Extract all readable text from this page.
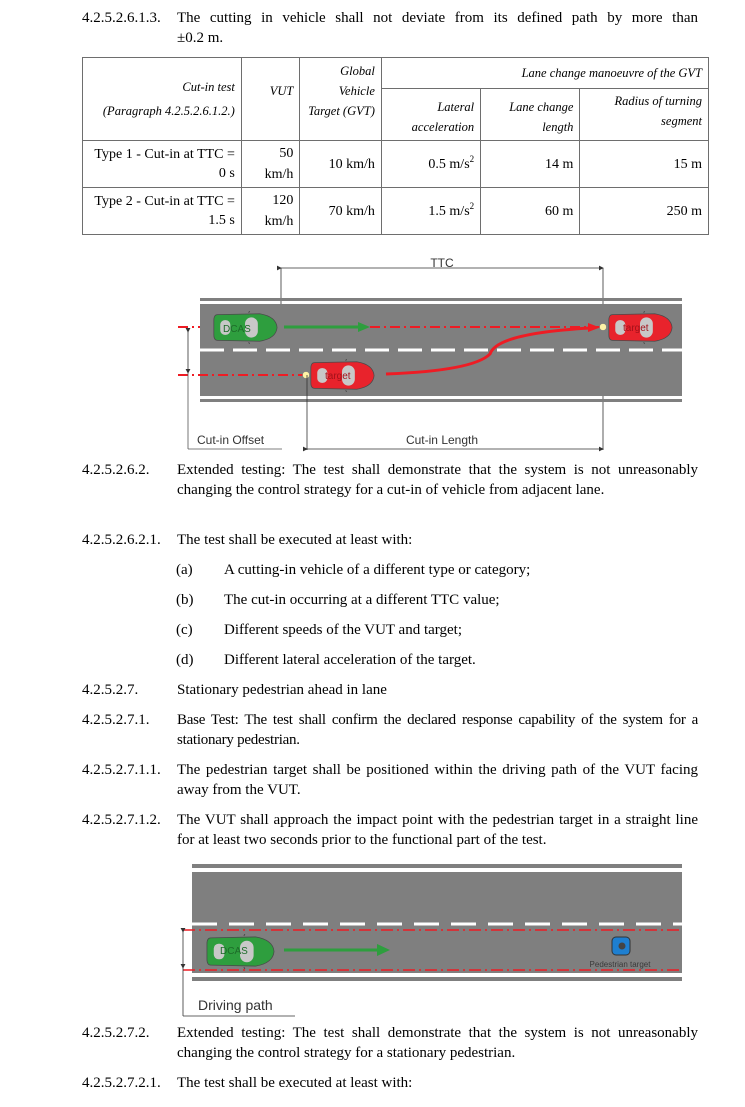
4.2.5.2.6.1.3. The cutting in vehicle shall not deviate from its defined path by more than
±0.2 m.
Cut-in test
(Paragraph 4.2.5.2.6.1.2.)	VUT	Global Vehicle Target (GVT)	Lane change manoeuvre of the GVT		
			Lateral acceleration	Lane change length	Radius of turning segment
Type 1 - Cut-in at TTC = 0 s	50 km/h	10 km/h	0.5 $m/s^2$	14 m	15 m
Type 2 - Cut-in at TTC = 1.5 s	120 km/h	70 km/h	1.5 $m/s^2$	60 m	250 m
TTC
DCAS
target
target
Cut-in Offset	Cut-in Length
4.2.5.2.6.2. Extended testing: The test shall demonstrate that the system is not unreasonably changing the control strategy for a cut-in of vehicle from adjacent lane.
4.2.5.2.6.2.1. The test shall be executed at least with:
(a) A cutting-in vehicle of a different type or category;
(b) The cut-in occurring at a different TTC value;
(c) Different speeds of the VUT and target;
(d) Different lateral acceleration of the target.
4.2.5.2.7.	Stationary pedestrian ahead in lane
4.2.5.2.7.1. Base Test: The test shall confirm the declared response capability of the system for a stationary pedestrian.
4.2.5.2.7.1.1. The pedestrian target shall be positioned within the driving path of the VUT facing away from the VUT.
4.2.5.2.7.1.2. The VUT shall approach the impact point with the pedestrian target in a straight line for at least two seconds prior to the functional part of the test.
DCAS
Pedestrian target
Driving path
4.2.5.2.7.2. Extended testing: The test shall demonstrate that the system is not unreasonably changing the control strategy for a stationary pedestrian.
4.2.5.2.7.2.1. The test shall be executed at least with:
